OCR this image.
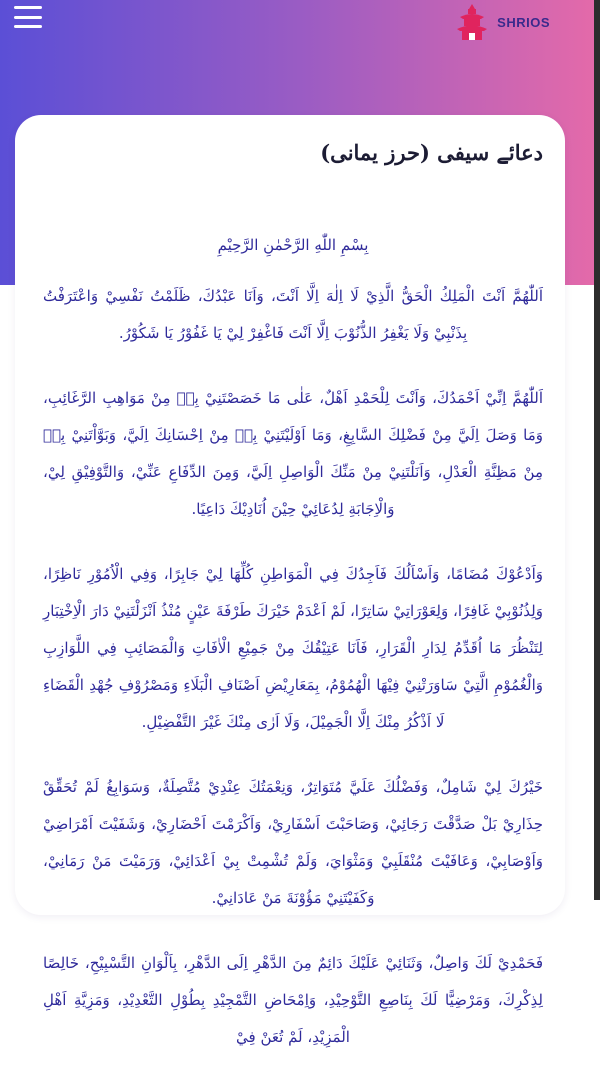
SHRIOS
دعائے سیفی (حرز یمانی)

بِسْمِ اللّٰهِ الرَّحْمٰنِ الرَّحِيْمِ

اَللّٰهُمَّ اَنْتَ الْمَلِكُ الْحَقُّ الَّذِيْ لَا اِلٰهَ اِلَّا اَنْتَ، وَاَنَا عَبْدُكَ، ظَلَمْتُ نَفْسِيْ وَاعْتَرَفْتُ بِذَنْبِيْ وَلَا يَغْفِرُ الذُّنُوْبَ اِلَّا اَنْتَ فَاغْفِرْ لِيْ يَا غَفُوْرُ يَا شَكُوْرُ.

اَللّٰهُمَّ اِنِّيْ اَحْمَدُكَ، وَاَنْتَ لِلْحَمْدِ اَهْلٌ، عَلٰى مَا خَصَصْتَنِيْ بِهٖ مِنْ مَوَاهِبِ الرَّغَائِبِ، وَمَا وَصَلَ اِلَيَّ مِنْ فَضْلِكَ السَّابِغِ، وَمَا اَوْلَيْتَنِيْ بِهٖ مِنْ اِحْسَانِكَ اِلَيَّ، وَبَوَّاْتَنِيْ بِهٖ مِنْ مَظِنَّةِ الْعَدْلِ، وَاَنَلْتَنِيْ مِنْ مَنِّكَ الْوَاصِلِ اِلَيَّ، وَمِنَ الدِّفَاعِ عَنِّيْ، وَالتَّوْفِيْقِ لِيْ، وَالْاِجَابَةِ لِدُعَائِيْ حِيْنَ اُنَادِيْكَ دَاعِيًا.

وَاَدْعُوْكَ مُضَامًا، وَاَسْاَلُكَ فَاَجِدُكَ فِي الْمَوَاطِنِ كُلِّهَا لِيْ جَابِرًا، وَفِي الْاُمُوْرِ نَاظِرًا، وَلِذُنُوْبِيْ غَافِرًا، وَلِعَوْرَاتِيْ سَاتِرًا، لَمْ اَعْدَمْ خَيْرَكَ طَرْفَةَ عَيْنٍ مُنْذُ اَنْزَلْتَنِيْ دَارَ الْاِخْتِبَارِ لِتَنْظُرَ مَا اُقَدِّمُ لِدَارِ الْقَرَارِ، فَاَنَا عَتِيْقُكَ مِنْ جَمِيْعِ الْاٰفَاتِ وَالْمَصَائِبِ فِي اللَّوَازِبِ وَالْغُمُوْمِ الَّتِيْ سَاوَرَتْنِيْ فِيْهَا الْهُمُوْمُ، بِمَعَارِيْضِ اَصْنَافِ الْبَلَاءِ وَمَصْرُوْفِ جُهْدِ الْقَضَاءِ لَا اَذْكُرُ مِنْكَ اِلَّا الْجَمِيْلَ، وَلَا اَرٰى مِنْكَ غَيْرَ التَّفْضِيْلِ.

خَيْرُكَ لِيْ شَامِلٌ، وَفَضْلُكَ عَلَيَّ مُتَوَاتِرٌ، وَنِعْمَتُكَ عِنْدِيْ مُتَّصِلَةٌ، وَسَوَابِغُ لَمْ تُحَقِّقْ حِذَارِيْ بَلْ صَدَّقْتَ رَجَائِيْ، وَصَاحَبْتَ اَسْفَارِيْ، وَاَكْرَمْتَ اَحْضَارِيْ، وَشَفَيْتَ اَمْرَاضِيْ وَاَوْصَابِيْ، وَعَافَيْتَ مُنْقَلَبِيْ وَمَثْوَايَ، وَلَمْ تُشْمِتْ بِيْ اَعْدَائِيْ، وَرَمَيْتَ مَنْ رَمَانِيْ، وَكَفَيْتَنِيْ مَؤُوْنَةَ مَنْ عَادَانِيْ.

فَحَمْدِيْ لَكَ وَاصِلٌ، وَثَنَائِيْ عَلَيْكَ دَائِمٌ مِنَ الدَّهْرِ اِلَى الدَّهْرِ، بِاَلْوَانِ التَّسْبِيْحِ، خَالِصًا لِذِكْرِكَ، وَمَرْضِيًّا لَكَ بِنَاصِعِ التَّوْحِيْدِ، وَاِمْحَاضِ التَّمْجِيْدِ بِطُوْلِ التَّعْدِيْدِ، وَمَزِيَّةِ اَهْلِ الْمَزِيْدِ، لَمْ تُعَنْ فِيْ
